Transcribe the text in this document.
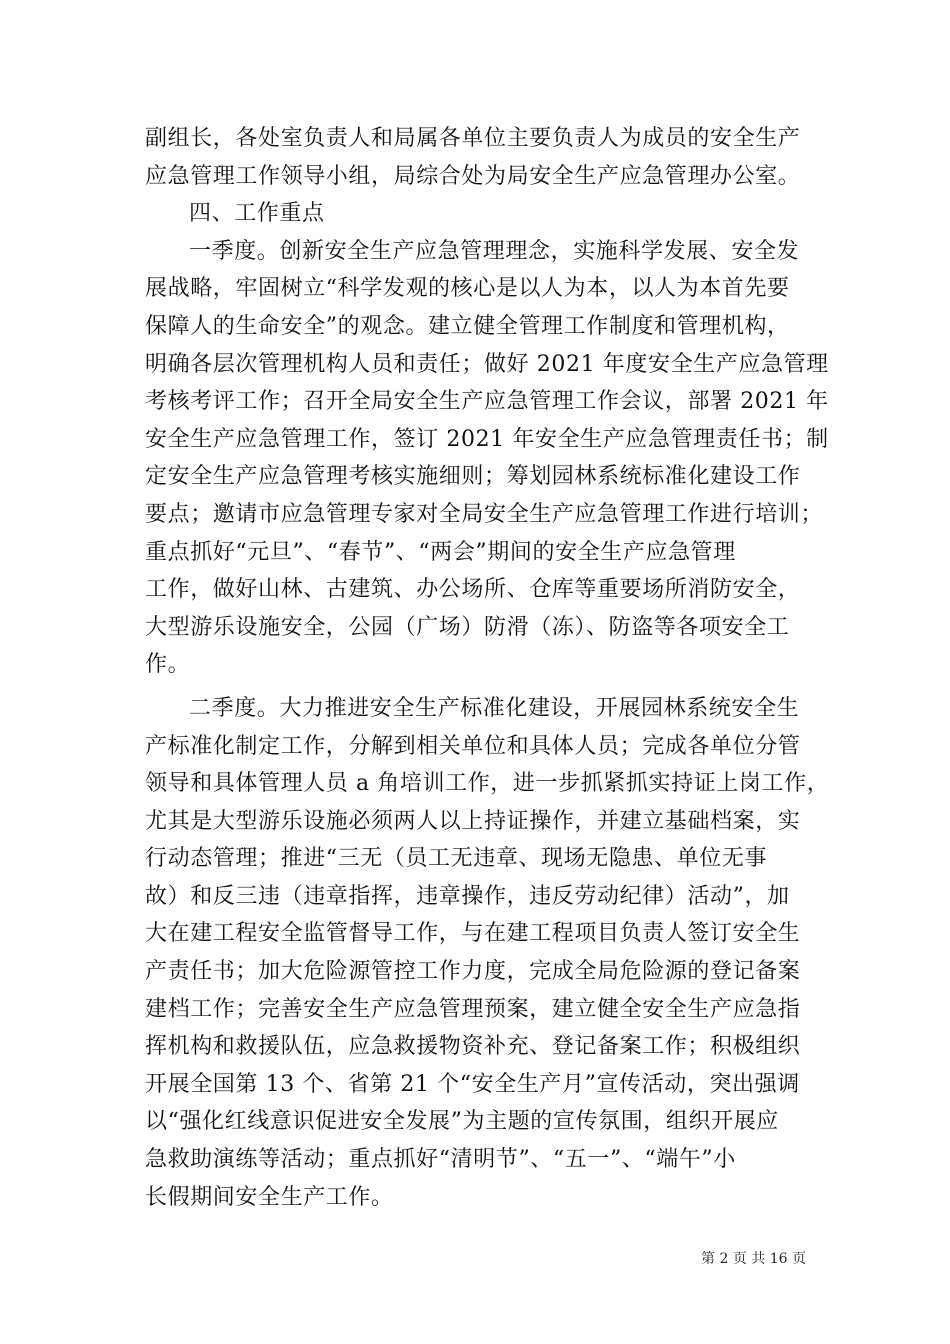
副组长，各处室负责人和局属各单位主要负责人为成员的安全生产
应急管理工作领导小组，局综合处为局安全生产应急管理办公室。
四、工作重点
一季度。创新安全生产应急管理理念，实施科学发展、安全发
展战略，牢固树立“科学发观的核心是以人为本，以人为本首先要
保障人的生命安全”的观念。建立健全管理工作制度和管理机构，
明确各层次管理机构人员和责任；做好 2021 年度安全生产应急管理
考核考评工作；召开全局安全生产应急管理工作会议，部署 2021 年
安全生产应急管理工作，签订 2021 年安全生产应急管理责任书；制
定安全生产应急管理考核实施细则；筹划园林系统标准化建设工作
要点；邀请市应急管理专家对全局安全生产应急管理工作进行培训；
重点抓好“元旦”、“春节”、“两会”期间的安全生产应急管理
工作，做好山林、古建筑、办公场所、仓库等重要场所消防安全，
大型游乐设施安全，公园（广场）防滑（冻）、防盗等各项安全工
作。
二季度。大力推进安全生产标准化建设，开展园林系统安全生
产标准化制定工作，分解到相关单位和具体人员；完成各单位分管
领导和具体管理人员 a 角培训工作，进一步抓紧抓实持证上岗工作，
尤其是大型游乐设施必须两人以上持证操作，并建立基础档案，实
行动态管理；推进“三无（员工无违章、现场无隐患、单位无事
故）和反三违（违章指挥，违章操作，违反劳动纪律）活动”，加
大在建工程安全监管督导工作，与在建工程项目负责人签订安全生
产责任书；加大危险源管控工作力度，完成全局危险源的登记备案
建档工作；完善安全生产应急管理预案，建立健全安全生产应急指
挥机构和救援队伍，应急救援物资补充、登记备案工作；积极组织
开展全国第 13 个、省第 21 个“安全生产月”宣传活动，突出强调
以“强化红线意识促进安全发展”为主题的宣传氛围，组织开展应
急救助演练等活动；重点抓好“清明节”、“五一”、“端午”小
长假期间安全生产工作。
第 2 页 共 16 页
